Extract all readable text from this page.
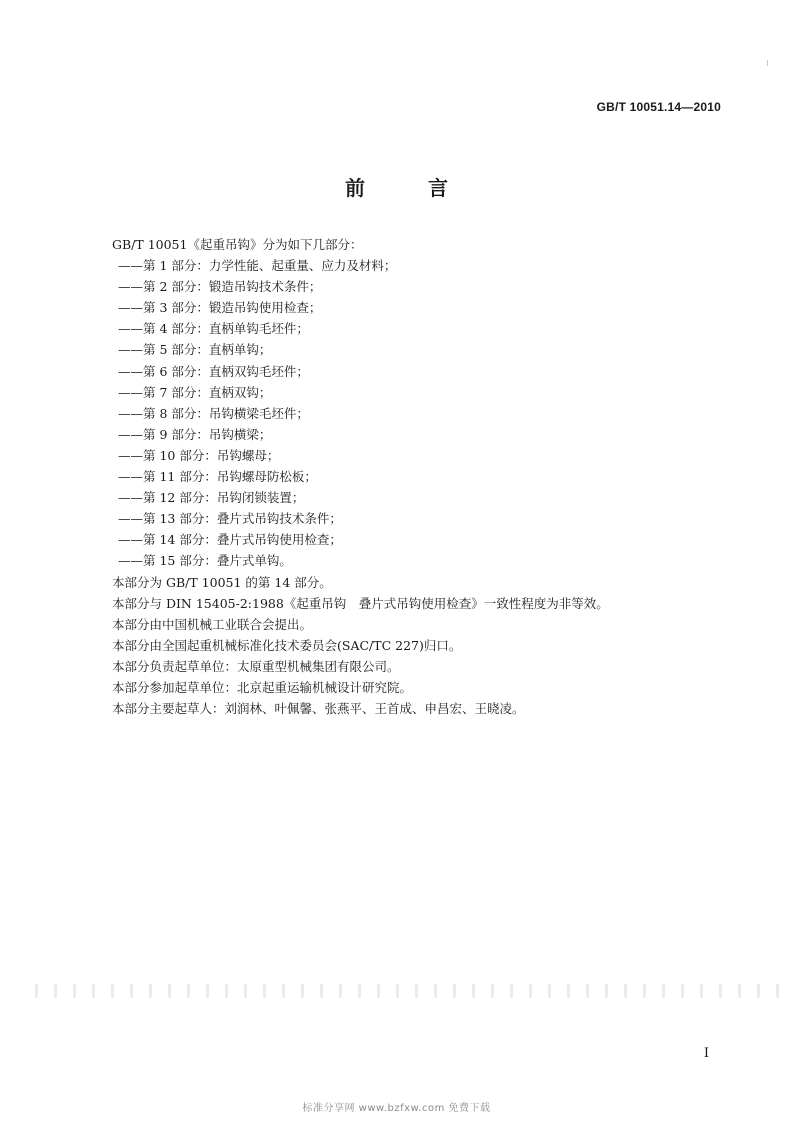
GB/T 10051.14—2010
前 言
GB/T 10051《起重吊钩》分为如下几部分：
——第 1 部分：力学性能、起重量、应力及材料；
——第 2 部分：锻造吊钩技术条件；
——第 3 部分：锻造吊钩使用检查；
——第 4 部分：直柄单钩毛坯件；
——第 5 部分：直柄单钩；
——第 6 部分：直柄双钩毛坯件；
——第 7 部分：直柄双钩；
——第 8 部分：吊钩横梁毛坯件；
——第 9 部分：吊钩横梁；
——第 10 部分：吊钩螺母；
——第 11 部分：吊钩螺母防松板；
——第 12 部分：吊钩闭锁装置；
——第 13 部分：叠片式吊钩技术条件；
——第 14 部分：叠片式吊钩使用检查；
——第 15 部分：叠片式单钩。
本部分为 GB/T 10051 的第 14 部分。
本部分与 DIN 15405-2:1988《起重吊钩　叠片式吊钩使用检查》一致性程度为非等效。
本部分由中国机械工业联合会提出。
本部分由全国起重机械标准化技术委员会(SAC/TC 227)归口。
本部分负责起草单位：太原重型机械集团有限公司。
本部分参加起草单位：北京起重运输机械设计研究院。
本部分主要起草人：刘润林、叶佩馨、张燕平、王首成、申昌宏、王晓凌。
I
标准分享网 www.bzfxw.com 免费下载
